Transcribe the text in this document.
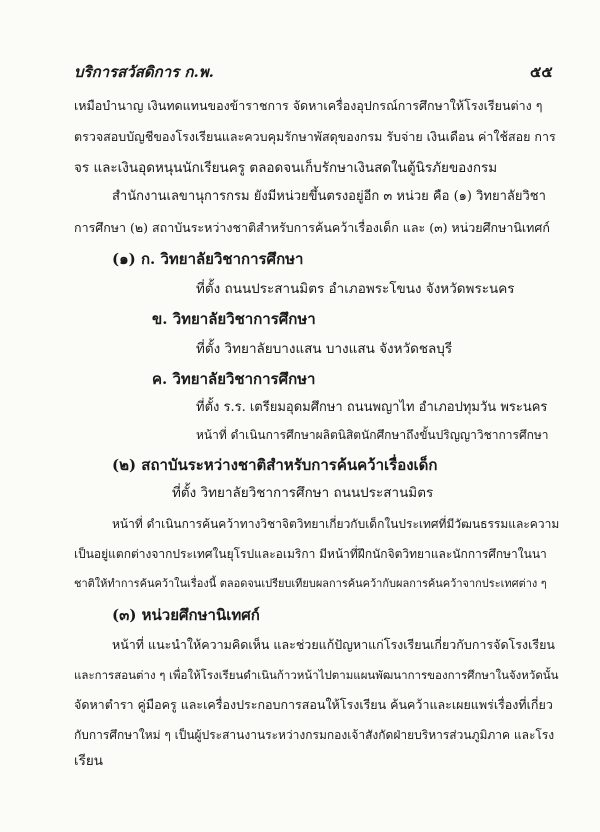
บริการสวัสดิการ ก.พ.	๕๕
เหมือบำนาญ เงินทดแทนของข้าราชการ จัดหาเครื่องอุปกรณ์การศึกษาให้โรงเรียนต่าง ๆ
ตรวจสอบบัญชีของโรงเรียนและควบคุมรักษาพัสดุของกรม รับจ่าย เงินเดือน ค่าใช้สอย การ
จร และเงินอุดหนุนนักเรียนครู ตลอดจนเก็บรักษาเงินสดในตู้นิรภัยของกรม
สำนักงานเลขานุการกรม ยังมีหน่วยขึ้นตรงอยู่อีก ๓ หน่วย คือ (๑) วิทยาลัยวิชา
การศึกษา (๒) สถาบันระหว่างชาติสำหรับการค้นคว้าเรื่องเด็ก และ (๓) หน่วยศึกษานิเทศก์
(๑) ก. วิทยาลัยวิชาการศึกษา
ที่ตั้ง ถนนประสานมิตร อำเภอพระโขนง จังหวัดพระนคร
ข. วิทยาลัยวิชาการศึกษา
ที่ตั้ง วิทยาลัยบางแสน บางแสน จังหวัดชลบุรี
ค. วิทยาลัยวิชาการศึกษา
ที่ตั้ง ร.ร. เตรียมอุดมศึกษา ถนนพญาไท อำเภอปทุมวัน พระนคร
หน้าที่ ดำเนินการศึกษาผลิตนิสิตนักศึกษาถึงขั้นปริญญาวิชาการศึกษา
(๒) สถาบันระหว่างชาติสำหรับการค้นคว้าเรื่องเด็ก
ที่ตั้ง วิทยาลัยวิชาการศึกษา ถนนประสานมิตร
หน้าที่ ดำเนินการค้นคว้าทางวิชาจิตวิทยาเกี่ยวกับเด็กในประเทศที่มีวัฒนธรรมและความ
เป็นอยู่แตกต่างจากประเทศในยุโรปและอเมริกา มีหน้าที่ฝึกนักจิตวิทยาและนักการศึกษาในนา
ชาติให้ทำการค้นคว้าในเรื่องนี้ ตลอดจนเปรียบเทียบผลการค้นคว้ากับผลการค้นคว้าจากประเทศต่าง ๆ
(๓) หน่วยศึกษานิเทศก์
หน้าที่ แนะนำให้ความคิดเห็น และช่วยแก้ปัญหาแก่โรงเรียนเกี่ยวกับการจัดโรงเรียน
และการสอนต่าง ๆ เพื่อให้โรงเรียนดำเนินก้าวหน้าไปตามแผนพัฒนาการของการศึกษาในจังหวัดนั้น
จัดหาตำรา คู่มือครู และเครื่องประกอบการสอนให้โรงเรียน ค้นคว้าและเผยแพร่เรื่องที่เกี่ยว
กับการศึกษาใหม่ ๆ เป็นผู้ประสานงานระหว่างกรมกองเจ้าสังกัดฝ่ายบริหารส่วนภูมิภาค และโรง
เรียน
